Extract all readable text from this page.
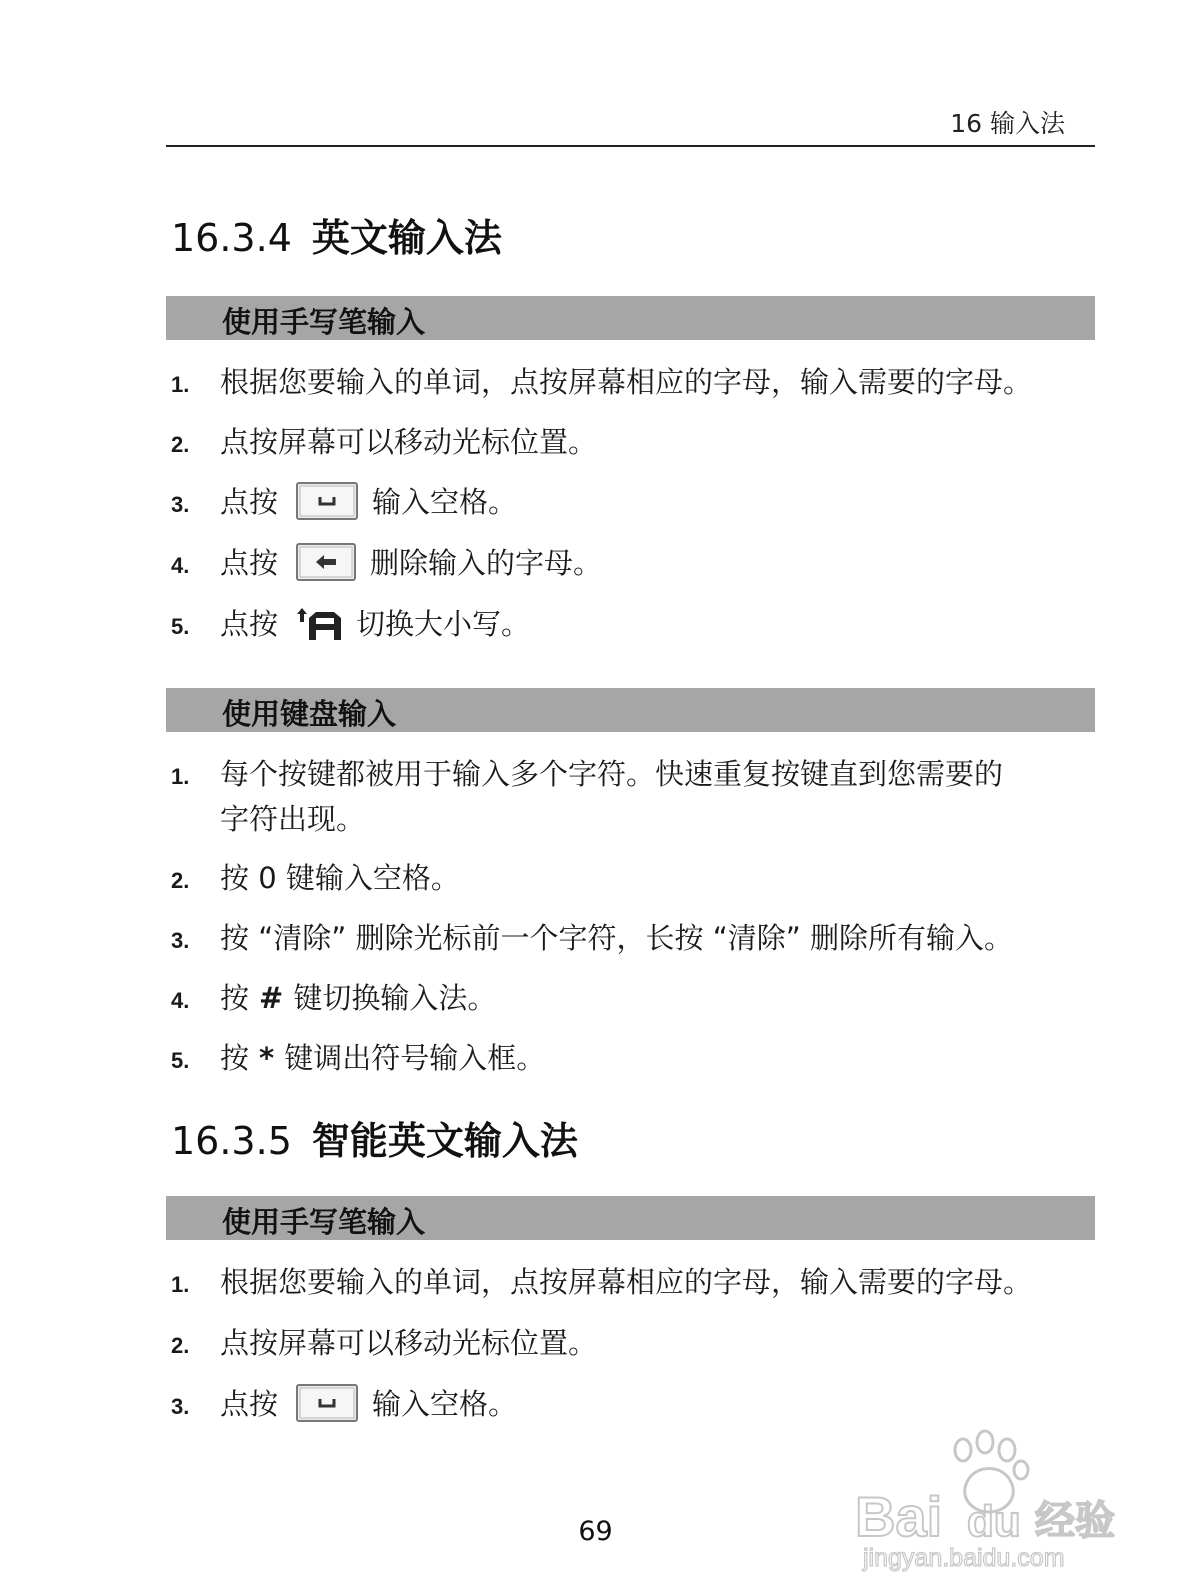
16 输入法
16.3.4 英文输入法
使用手写笔输入
1. 根据您要输入的单词，点按屏幕相应的字母，输入需要的字母。
2. 点按屏幕可以移动光标位置。
3. 点按	输入空格。
4. 点按	删除输入的字母。
5. 点按	切换大小写。
使用键盘输入
1. 每个按键都被用于输入多个字符。快速重复按键直到您需要的
字符出现。
2. 按 0 键输入空格。
3. 按 “清除” 删除光标前一个字符，长按 “清除” 删除所有输入。
4. 按 # 键切换输入法。
5. 按 * 键调出符号输入框。
16.3.5 智能英文输入法
使用手写笔输入
1. 根据您要输入的单词，点按屏幕相应的字母，输入需要的字母。
2. 点按屏幕可以移动光标位置。
3. 点按	输入空格。
69	Bai du 经验
jingyan.baidu.com
